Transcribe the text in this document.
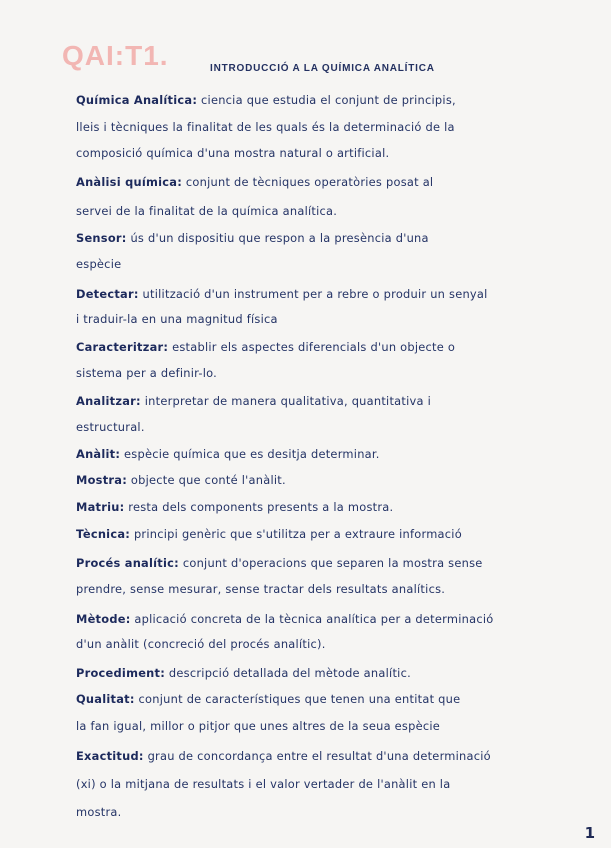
QAI:T1.	INTRODUCCIÓ A LA QUÍMICA ANALÍTICA
Química Analítica: ciencia que estudia el conjunt de principis,
lleis i tècniques la finalitat de les quals és la determinació de la
composició química d'una mostra natural o artificial.
Anàlisi química: conjunt de tècniques operatòries posat al
servei de la finalitat de la química analítica.
Sensor: ús d'un dispositiu que respon a la presència d'una
espècie
Detectar: utilització d'un instrument per a rebre o produir un senyal
i traduir-la en una magnitud física
Caracteritzar: establir els aspectes diferencials d'un objecte o
sistema per a definir-lo.
Analitzar: interpretar de manera qualitativa, quantitativa i
estructural.
Anàlit: espècie química que es desitja determinar.
Mostra: objecte que conté l'anàlit.
Matriu: resta dels components presents a la mostra.
Tècnica: principi genèric que s'utilitza per a extraure informació
Procés analític: conjunt d'operacions que separen la mostra sense
prendre, sense mesurar, sense tractar dels resultats analítics.
Mètode: aplicació concreta de la tècnica analítica per a determinació
d'un anàlit (concreció del procés analític).
Procediment: descripció detallada del mètode analític.
Qualitat: conjunt de característiques que tenen una entitat que
la fan igual, millor o pitjor que unes altres de la seua espècie
Exactitud: grau de concordança entre el resultat d'una determinació
(xi) o la mitjana de resultats i el valor vertader de l'anàlit en la
mostra.
1
